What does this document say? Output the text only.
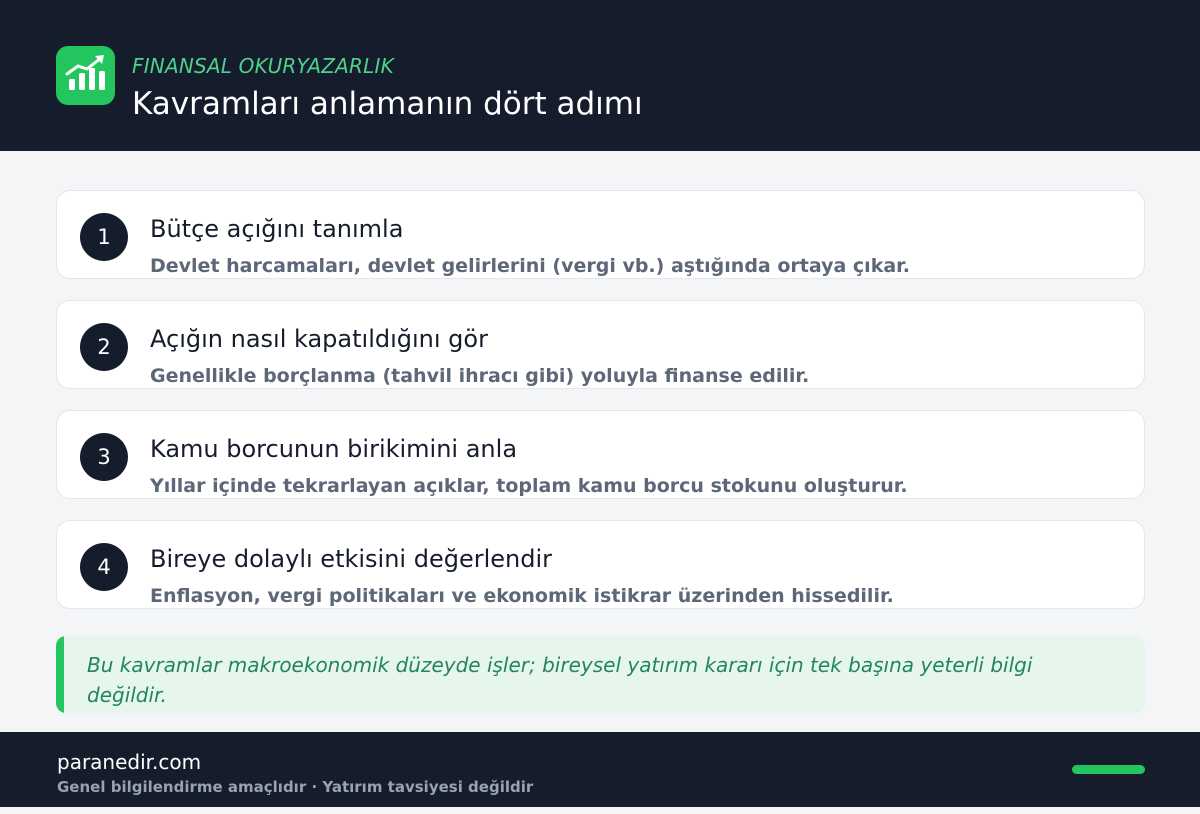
FINANSAL OKURYAZARLIK
Kavramları anlamanın dört adımı
1	Bütçe açığını tanımla
Devlet harcamaları, devlet gelirlerini (vergi vb.) aştığında ortaya çıkar.
2	Açığın nasıl kapatıldığını gör
Genellikle borçlanma (tahvil ihracı gibi) yoluyla finanse edilir.
3	Kamu borcunun birikimini anla
Yıllar içinde tekrarlayan açıklar, toplam kamu borcu stokunu oluşturur.
4	Bireye dolaylı etkisini değerlendir
Enflasyon, vergi politikaları ve ekonomik istikrar üzerinden hissedilir.
Bu kavramlar makroekonomik düzeyde işler; bireysel yatırım kararı için tek başına yeterli bilgi değildir.
paranedir.com
Genel bilgilendirme amaçlıdır · Yatırım tavsiyesi değildir
